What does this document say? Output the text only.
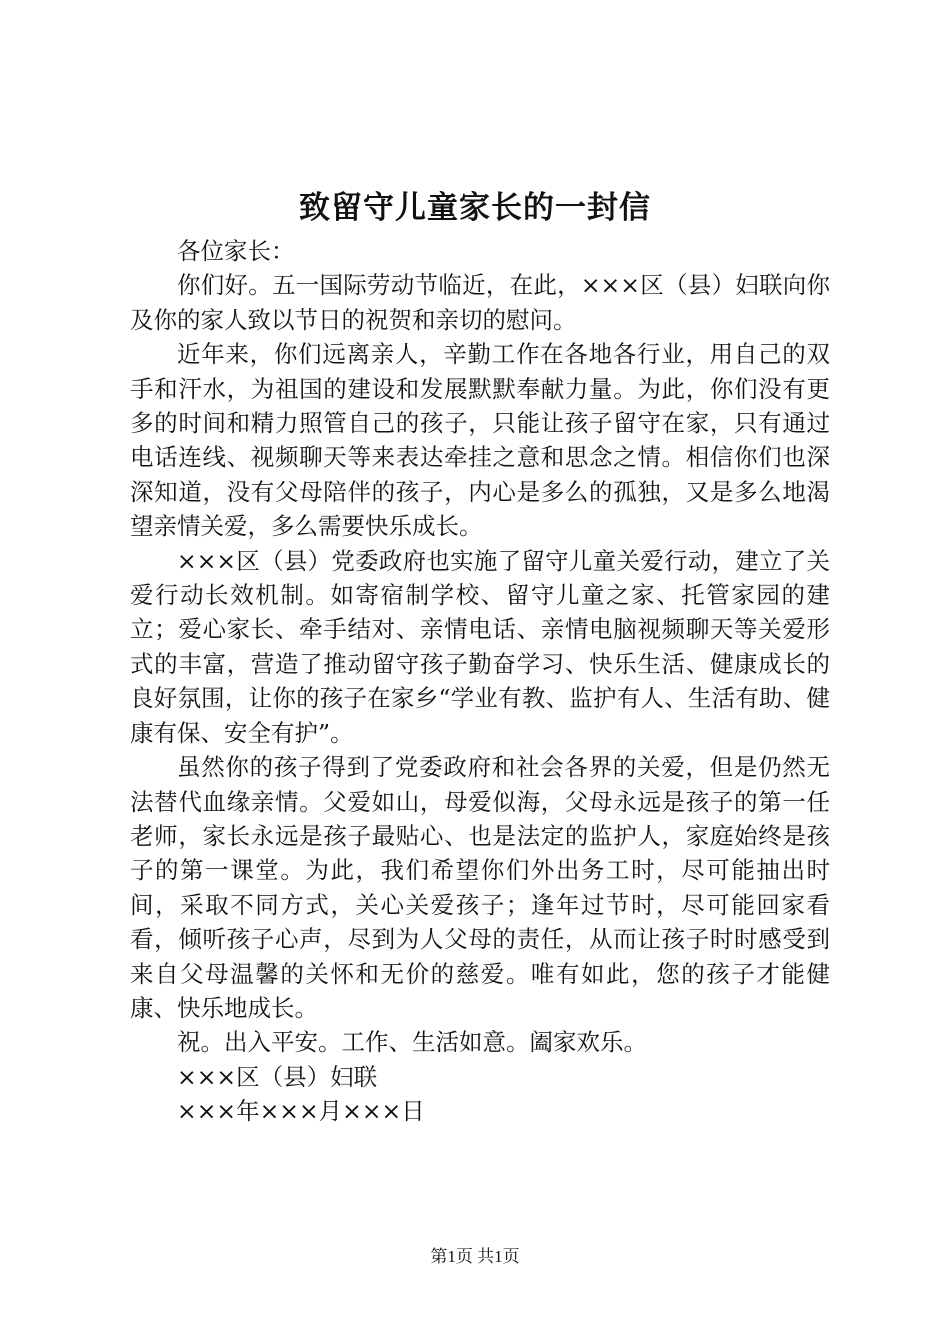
致留守儿童家长的一封信

各位家长：

你们好。五一国际劳动节临近，在此，×××区（县）妇联向你及你的家人致以节日的祝贺和亲切的慰问。

近年来，你们远离亲人，辛勤工作在各地各行业，用自己的双手和汗水，为祖国的建设和发展默默奉献力量。为此，你们没有更多的时间和精力照管自己的孩子，只能让孩子留守在家，只有通过电话连线、视频聊天等来表达牵挂之意和思念之情。相信你们也深深知道，没有父母陪伴的孩子，内心是多么的孤独，又是多么地渴望亲情关爱，多么需要快乐成长。

×××区（县）党委政府也实施了留守儿童关爱行动，建立了关爱行动长效机制。如寄宿制学校、留守儿童之家、托管家园的建立；爱心家长、牵手结对、亲情电话、亲情电脑视频聊天等关爱形式的丰富，营造了推动留守孩子勤奋学习、快乐生活、健康成长的良好氛围，让你的孩子在家乡“学业有教、监护有人、生活有助、健康有保、安全有护”。

虽然你的孩子得到了党委政府和社会各界的关爱，但是仍然无法替代血缘亲情。父爱如山，母爱似海，父母永远是孩子的第一任老师，家长永远是孩子最贴心、也是法定的监护人，家庭始终是孩子的第一课堂。为此，我们希望你们外出务工时，尽可能抽出时间，采取不同方式，关心关爱孩子；逢年过节时，尽可能回家看看，倾听孩子心声，尽到为人父母的责任，从而让孩子时时感受到来自父母温馨的关怀和无价的慈爱。唯有如此，您的孩子才能健康、快乐地成长。

祝。出入平安。工作、生活如意。阖家欢乐。

×××区（县）妇联

×××年×××月×××日

第1页 共1页
